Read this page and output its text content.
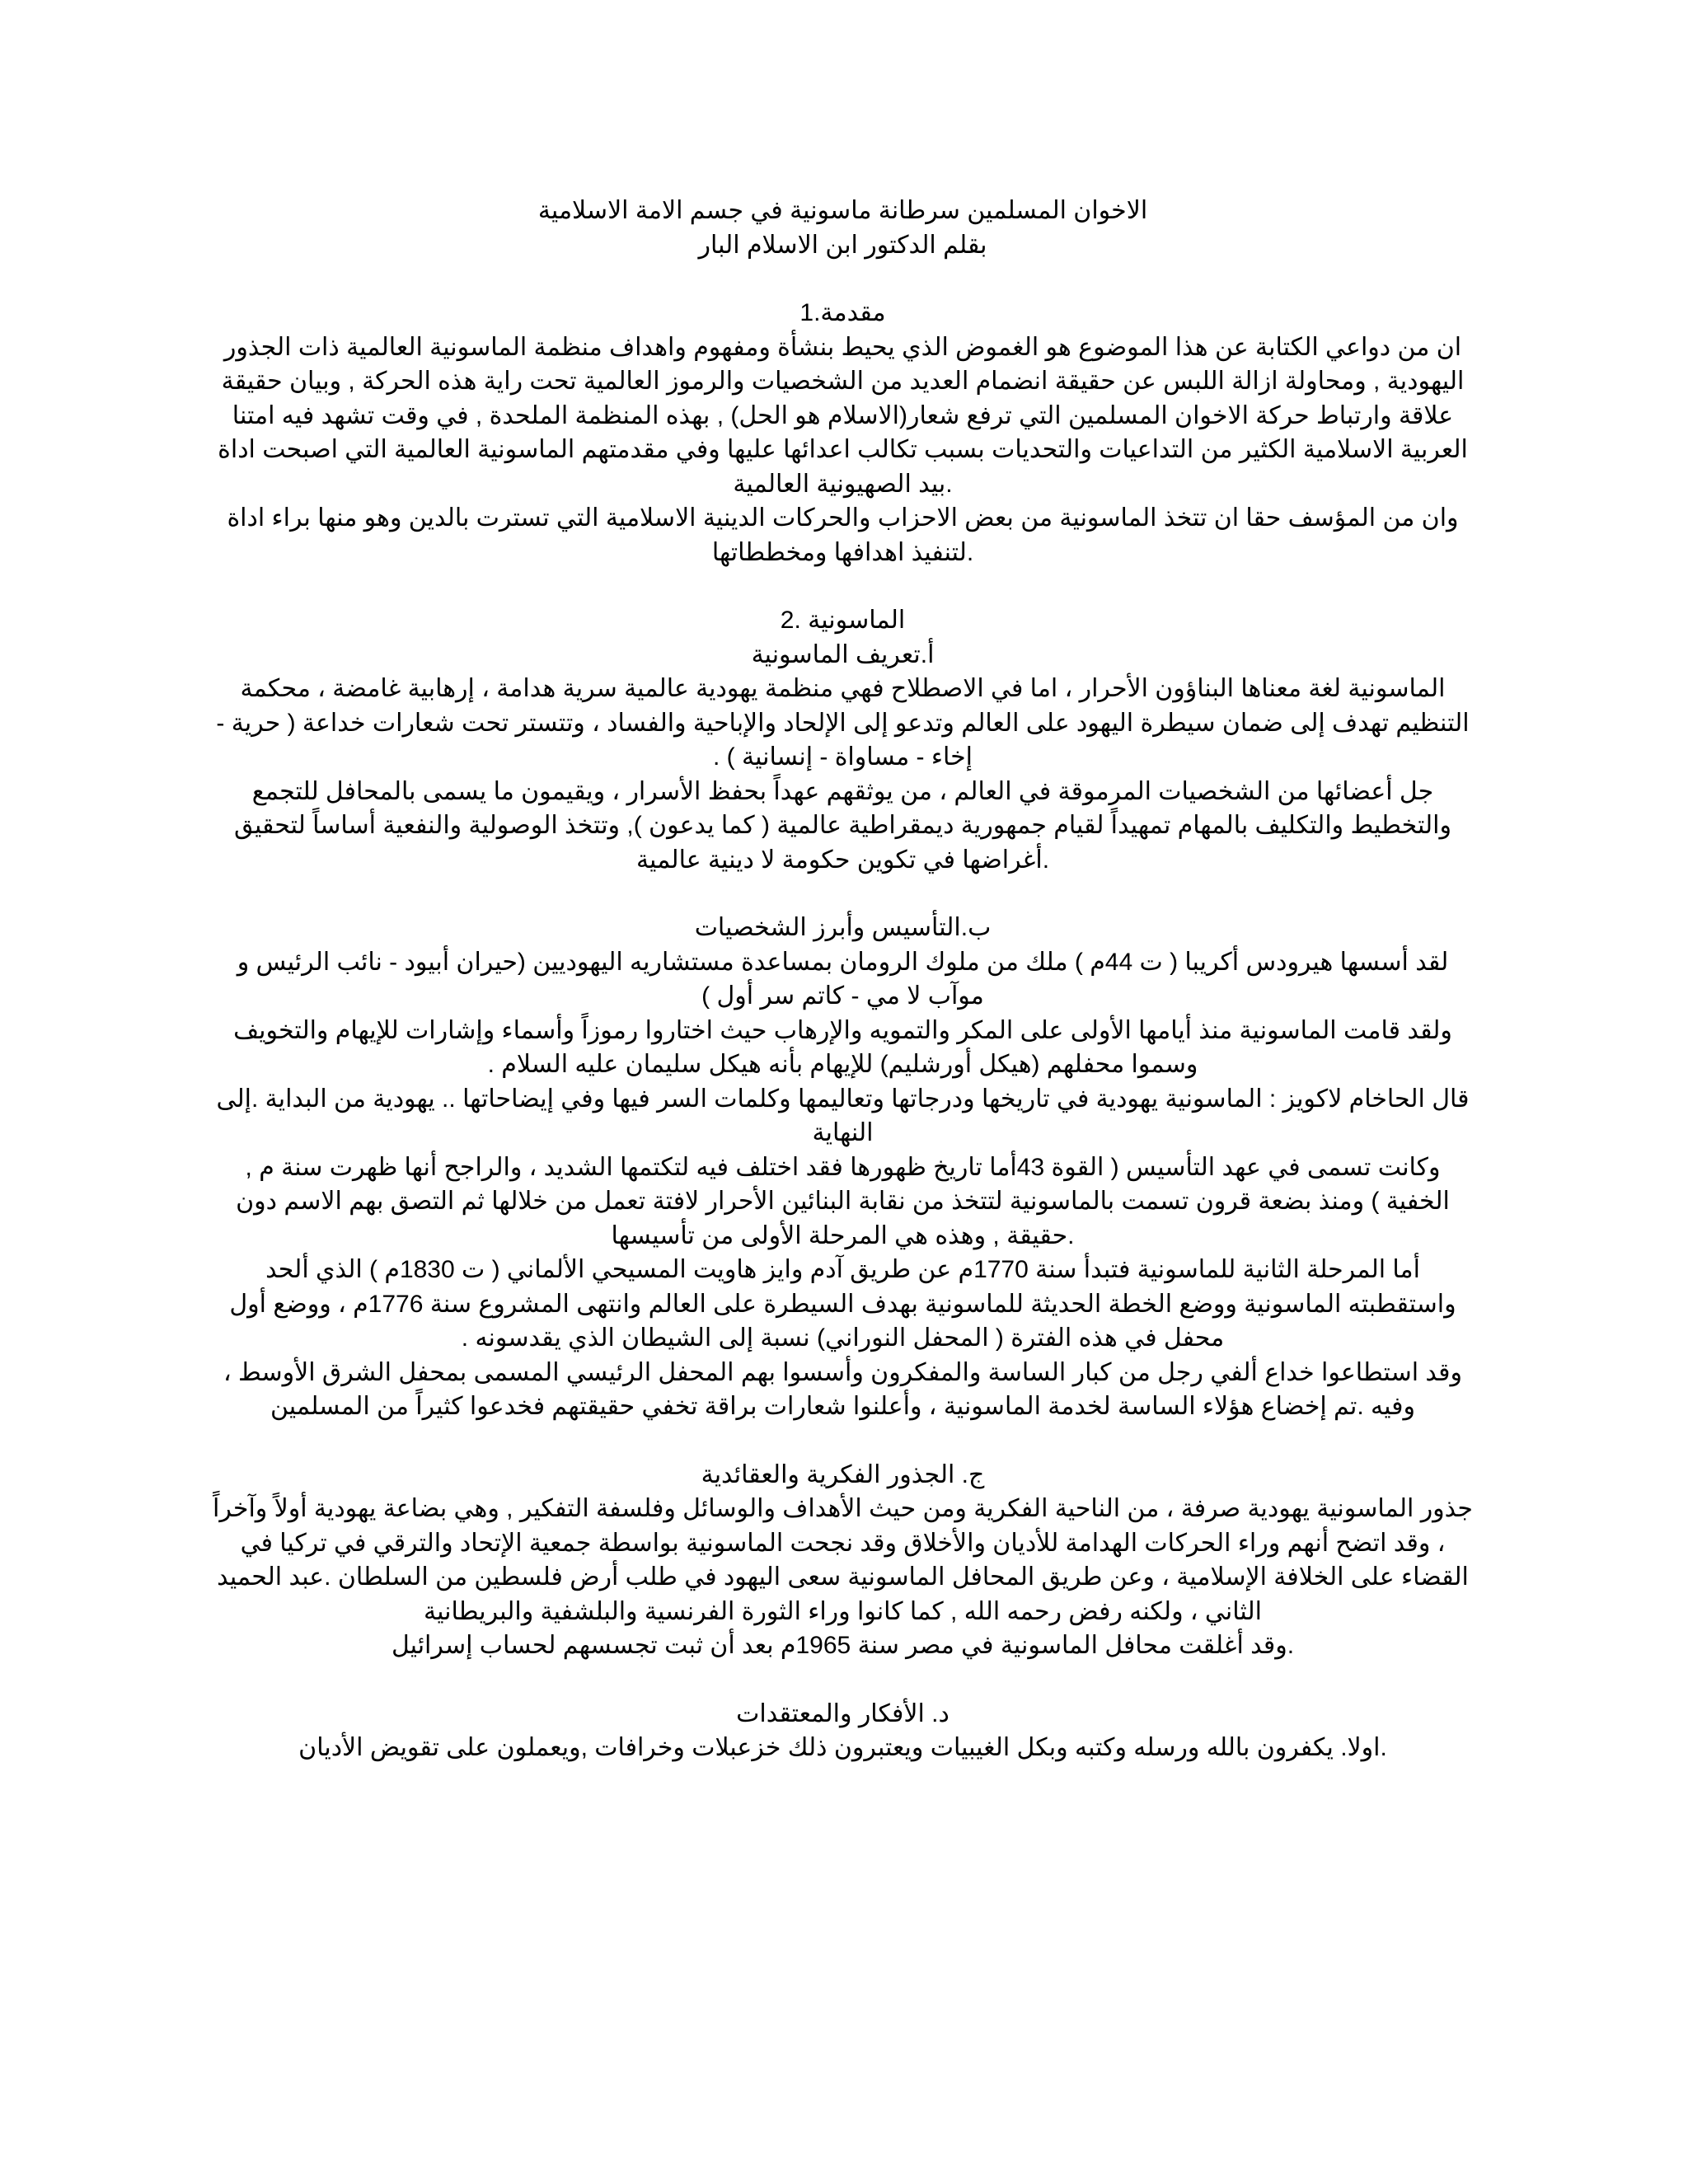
الاخوان المسلمين سرطانة ماسونية في جسم الامة الاسلامية

بقلم الدكتور ابن الاسلام البار

مقدمة.1

ان من دواعي الكتابة عن هذا الموضوع هو الغموض الذي يحيط بنشأة ومفهوم واهداف منظمة الماسونية العالمية ذات الجذور اليهودية , ومحاولة ازالة اللبس عن حقيقة انضمام العديد من الشخصيات والرموز العالمية تحت راية هذه الحركة , وبيان حقيقة علاقة وارتباط حركة الاخوان المسلمين التي ترفع شعار(الاسلام هو الحل) , بهذه المنظمة الملحدة , في وقت تشهد فيه امتنا العربية الاسلامية الكثير من التداعيات والتحديات بسبب تكالب اعدائها عليها وفي مقدمتهم الماسونية العالمية التي اصبحت اداة .بيد الصهيونية العالمية

وان من المؤسف حقا ان تتخذ الماسونية من بعض الاحزاب والحركات الدينية الاسلامية التي تسترت بالدين وهو منها براء اداة .لتنفيذ اهدافها ومخططاتها

الماسونية .2
أ.تعريف الماسونية

الماسونية لغة معناها البناؤون الأحرار ، اما في الاصطلاح فهي منظمة يهودية عالمية سرية هدامة ، إرهابية غامضة ، محكمة التنظيم تهدف إلى ضمان سيطرة اليهود على العالم وتدعو إلى الإلحاد والإباحية والفساد ، وتتستر تحت شعارات خداعة ( حرية - إخاء - مساواة - إنسانية ) .

جل أعضائها من الشخصيات المرموقة في العالم ، من يوثقهم عهداً بحفظ الأسرار ، ويقيمون ما يسمى بالمحافل للتجمع والتخطيط والتكليف بالمهام تمهيداً لقيام جمهورية ديمقراطية عالمية ( كما يدعون ), وتتخذ الوصولية والنفعية أساساً لتحقيق .أغراضها في تكوين حكومة لا دينية عالمية

ب.التأسيس وأبرز الشخصيات

لقد أسسها هيرودس أكريبا ( ت 44م ) ملك من ملوك الرومان بمساعدة مستشاريه اليهوديين (حيران أبيود - نائب الرئيس و موآب لا مي - كاتم سر أول )

ولقد قامت الماسونية منذ أيامها الأولى على المكر والتمويه والإرهاب حيث اختاروا رموزاً وأسماء وإشارات للإيهام والتخويف وسموا محفلهم (هيكل أورشليم) للإيهام بأنه هيكل سليمان عليه السلام .

قال الحاخام لاكويز : الماسونية يهودية في تاريخها ودرجاتها وتعاليمها وكلمات السر فيها وفي إيضاحاتها .. يهودية من البداية .إلى النهاية

وكانت تسمى في عهد التأسيس ( القوة 43أما تاريخ ظهورها فقد اختلف فيه لتكتمها الشديد ، والراجح أنها ظهرت سنة م , الخفية ) ومنذ بضعة قرون تسمت بالماسونية لتتخذ من نقابة البنائين الأحرار لافتة تعمل من خلالها ثم التصق بهم الاسم دون .حقيقة , وهذه هي المرحلة الأولى من تأسيسها

أما المرحلة الثانية للماسونية فتبدأ سنة 1770م عن طريق آدم وايز هاويت المسيحي الألماني ( ت 1830م ) الذي ألحد واستقطبته الماسونية ووضع الخطة الحديثة للماسونية بهدف السيطرة على العالم وانتهى المشروع سنة 1776م ، ووضع أول محفل في هذه الفترة ( المحفل النوراني) نسبة إلى الشيطان الذي يقدسونه .

وقد استطاعوا خداع ألفي رجل من كبار الساسة والمفكرون وأسسوا بهم المحفل الرئيسي المسمى بمحفل الشرق الأوسط ، وفيه .تم إخضاع هؤلاء الساسة لخدمة الماسونية ، وأعلنوا شعارات براقة تخفي حقيقتهم فخدعوا كثيراً من المسلمين

ج. الجذور الفكرية والعقائدية

جذور الماسونية يهودية صرفة ، من الناحية الفكرية ومن حيث الأهداف والوسائل وفلسفة التفكير , وهي بضاعة يهودية أولاً وآخراً ، وقد اتضح أنهم وراء الحركات الهدامة للأديان والأخلاق وقد نجحت الماسونية بواسطة جمعية الإتحاد والترقي في تركيا في القضاء على الخلافة الإسلامية ، وعن طريق المحافل الماسونية سعى اليهود في طلب أرض فلسطين من السلطان .عبد الحميد الثاني ، ولكنه رفض رحمه الله , كما كانوا وراء الثورة الفرنسية والبلشفية والبريطانية

.وقد أغلقت محافل الماسونية في مصر سنة 1965م بعد أن ثبت تجسسهم لحساب إسرائيل

د. الأفكار والمعتقدات

.اولا. يكفرون بالله ورسله وكتبه وبكل الغيبيات ويعتبرون ذلك خزعبلات وخرافات ,ويعملون على تقويض الأديان
